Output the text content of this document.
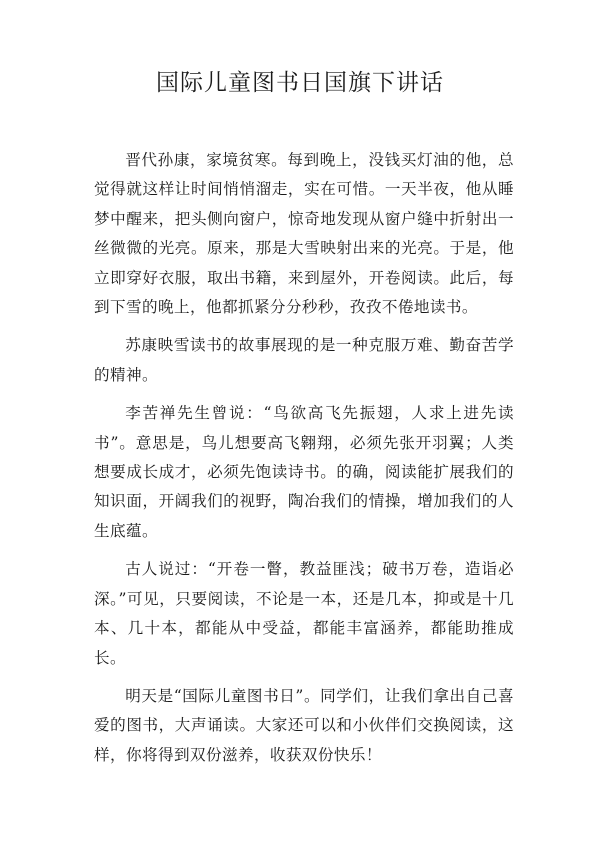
国际儿童图书日国旗下讲话

晋代孙康，家境贫寒。每到晚上，没钱买灯油的他，总觉得就这样让时间悄悄溜走，实在可惜。一天半夜，他从睡梦中醒来，把头侧向窗户，惊奇地发现从窗户缝中折射出一丝微微的光亮。原来，那是大雪映射出来的光亮。于是，他立即穿好衣服，取出书籍，来到屋外，开卷阅读。此后，每到下雪的晚上，他都抓紧分分秒秒，孜孜不倦地读书。

苏康映雪读书的故事展现的是一种克服万难、勤奋苦学的精神。

李苦禅先生曾说：“鸟欲高飞先振翅，人求上进先读书”。意思是，鸟儿想要高飞翱翔，必须先张开羽翼；人类想要成长成才，必须先饱读诗书。的确，阅读能扩展我们的知识面，开阔我们的视野，陶冶我们的情操，增加我们的人生底蕴。

古人说过：“开卷一瞥，教益匪浅；破书万卷，造诣必深。”可见，只要阅读，不论是一本，还是几本，抑或是十几本、几十本，都能从中受益，都能丰富涵养，都能助推成长。

明天是“国际儿童图书日”。同学们，让我们拿出自己喜爱的图书，大声诵读。大家还可以和小伙伴们交换阅读，这样，你将得到双份滋养，收获双份快乐！
